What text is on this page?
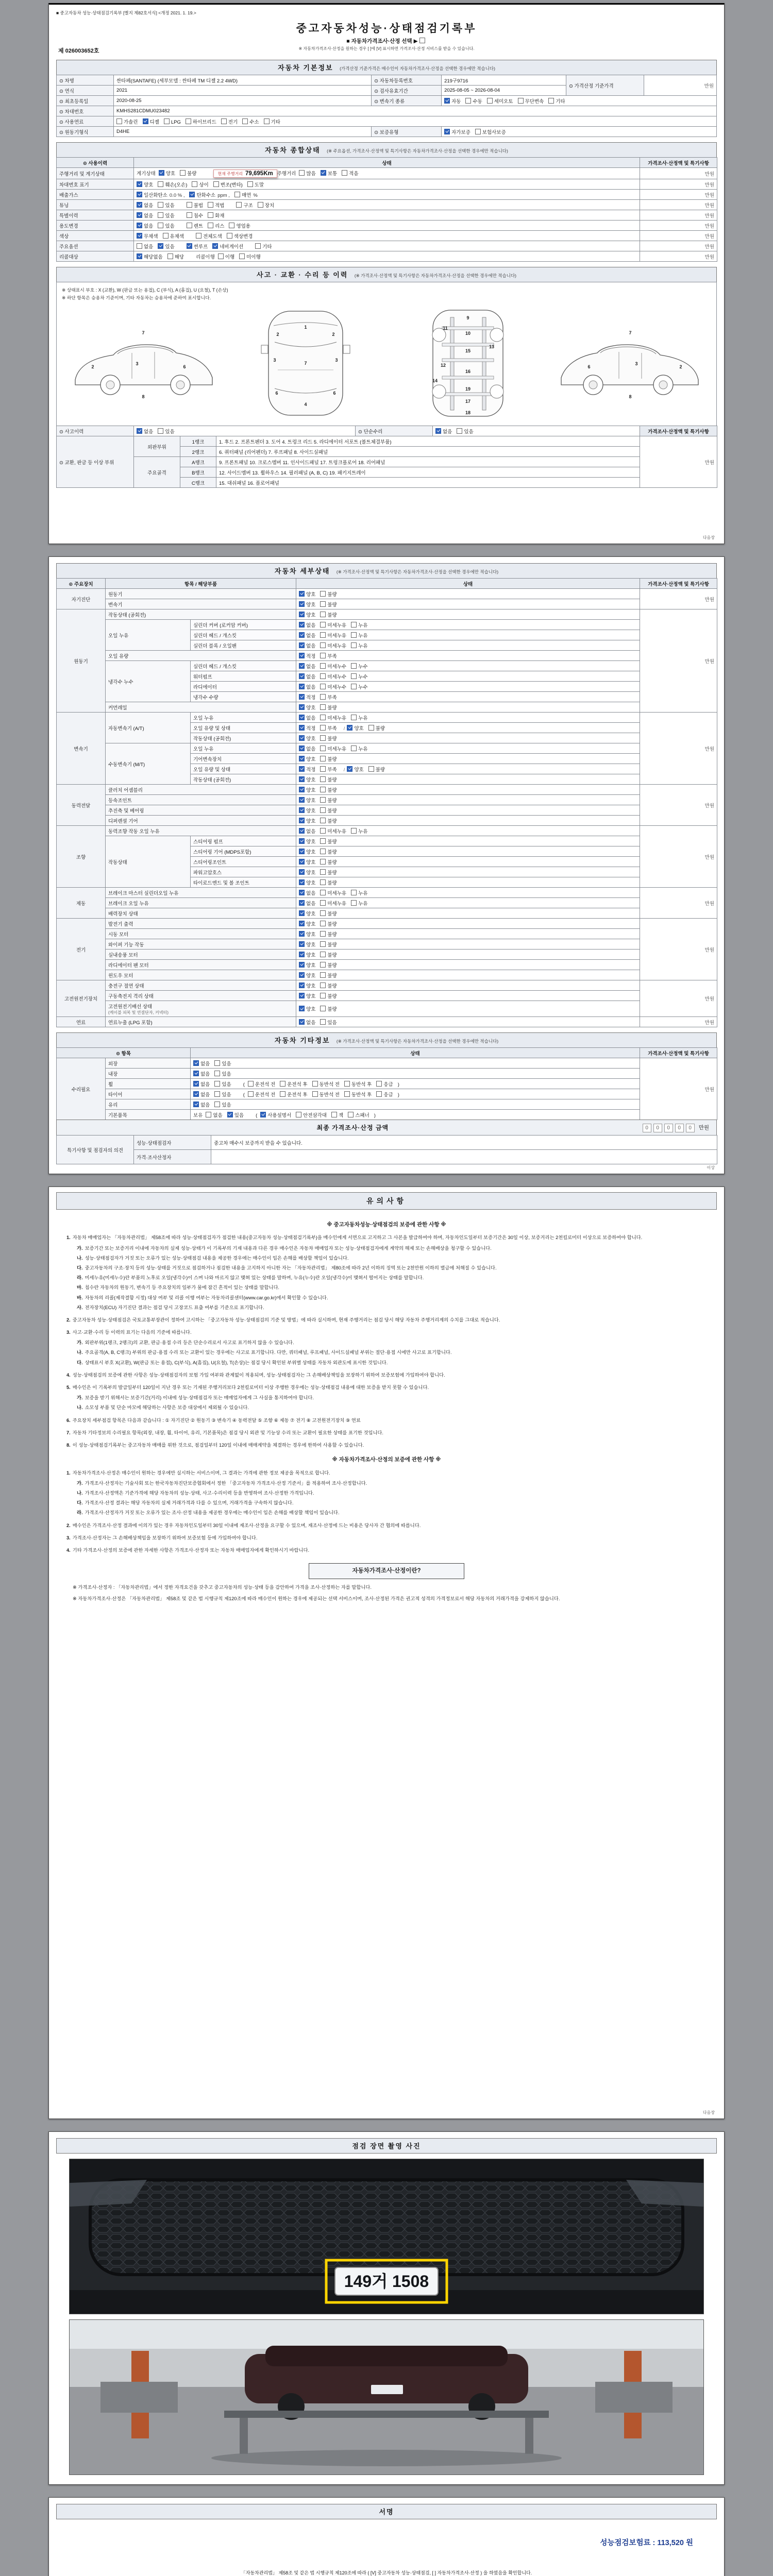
■ 중고자동차 성능·상태점검기록부 [별지 제82호서식] <개정 2021. 1. 19.>
중고자동차성능·상태점검기록부
■ 자동차가격조사·산정 선택 ▶
※ 자동차가격조사·산정을 원하는 경우 [ ]에 [V] 표시하면 가격조사·산정 서비스를 받을 수 있습니다.
제 026003652호
자동차 기본정보 (가격산정 기준가격은 매수인이 자동차가격조사·산정을 선택한 경우에만 적습니다)
⊙ 차명	싼타페(SANTAFE) (세부모델 : 싼타페 TM 디젤 2.2 4WD)	⊙ 자동차등록번호	219구9716	⊙ 가격산정 기준가격	만원
⊙ 연식	2021	⊙ 검사유효기간	2025-08-05 ~ 2026-08-04		
⊙ 최초등록일	2020-08-25	⊙ 변속기 종류	자동 수동 세미오토 무단변속 기타		
⊙ 차대번호	KMHS281CDMU023482				
⊙ 사용연료	가솔린 디젤 LPG 하이브리드 전기 수소 기타				
⊙ 원동기형식	D4HE	⊙ 보증유형	자가보증 보험사보증		
자동차 종합상태 (※ 주요옵션, 가격조사·산정액 및 특기사항은 자동차가격조사·산정을 선택한 경우에만 적습니다)
⊙ 사용이력	상태	가격조사·산정액 및 특기사항
주행거리 및 계기상태	계기상태 양호 불량 현재 주행거리 79,695Km 주행거리 많음 보통 적음	만원
차대번호 표기	양호 훼손(오손) 상이 변조(변타) 도말	만원
배출가스	일산화탄소 0.0 % , 탄화수소 ppm , 매연 %	만원
튜닝	없음 있음 불법 적법 구조 장치	만원
특별이력	없음 있음 침수 화재	만원
용도변경	없음 있음 렌트 리스 영업용	만원
색상	무채색 유채색 전체도색 색상변경	만원
주요옵션	없음 있음 썬루프 네비게이션 기타	만원
리콜대상	해당없음 해당 리콜이행 이행 미이행	만원
사고 · 교환 · 수리 등 이력 (※ 가격조사·산정액 및 특기사항은 자동차가격조사·산정을 선택한 경우에만 적습니다)
※ 상태표시 부호 : X (교환), W (판금 또는 용접), C (부식), A (흠집), U (요철), T (손상)
※ 하단 항목은 승용차 기준이며, 기타 자동차는 승용차에 준하여 표시합니다.
2
3
6
7
8
1
2	2
3	3
7
6	6
4
9
10
11
15
13
12
14
16
19
17
18
2
3
6
7
8
⊙ 사고이력	없음 있음	⊙ 단순수리	없음 있음	가격조사·산정액 및 특기사항
⊙ 교환, 판금 등 이상 부위	외판부위	1랭크	1. 후드 2. 프론트펜더 3. 도어 4. 트렁크 리드 5. 라디에이터 서포트 (볼트체결부품)	만원
		2랭크	6. 쿼터패널 (리어펜더) 7. 루프패널 8. 사이드실패널	
	주요골격	A랭크	9. 프론트패널 10. 크로스멤버 11. 인사이드패널 17. 트렁크플로어 18. 리어패널	
		B랭크	12. 사이드멤버 13. 휠하우스 14. 필러패널 (A, B, C) 19. 패키지트레이	
		C랭크	15. 대쉬패널 16. 플로어패널	
다음장
자동차 세부상태 (※ 가격조사·산정액 및 특기사항은 자동차가격조사·산정을 선택한 경우에만 적습니다)
⊙ 주요장치	항목 / 해당부품		상태	가격조사·산정액 및 특기사항
자기진단	원동기		양호 불량	만원
	변속기		양호 불량	
원동기	작동상태 (공회전)		양호 불량	만원
	오일 누유	실린더 커버 (로커암 커버)	없음 미세누유 누유	
		실린더 헤드 / 개스킷	없음 미세누유 누유	
		실린더 블록 / 오일팬	없음 미세누유 누유	
	오일 유량		적정 부족	
	냉각수 누수	실린더 헤드 / 개스킷	없음 미세누수 누수	
		워터펌프	없음 미세누수 누수	
		라디에이터	없음 미세누수 누수	
		냉각수 수량	적정 부족	
	커먼레일		양호 불량	
변속기	자동변속기 (A/T)	오일 누유	없음 미세누유 누유	만원
		오일 유량 및 상태	적정 부족 / 양호 불량	
		작동상태 (공회전)	양호 불량	
	수동변속기 (M/T)	오일 누유	없음 미세누유 누유	
		기어변속장치	양호 불량	
		오일 유량 및 상태	적정 부족 / 양호 불량	
		작동상태 (공회전)	양호 불량	
동력전달	클러치 어셈블리		양호 불량	만원
	등속조인트		양호 불량	
	추진축 및 베어링		양호 불량	
	디퍼렌셜 기어		양호 불량	
조향	동력조향 작동 오일 누유		없음 미세누유 누유	만원
	작동상태	스티어링 펌프	양호 불량	
		스티어링 기어 (MDPS포함)	양호 불량	
		스티어링조인트	양호 불량	
		파워고압호스	양호 불량	
		타이로드엔드 및 볼 조인트	양호 불량	
제동	브레이크 마스터 실린더오일 누유		없음 미세누유 누유	만원
	브레이크 오일 누유		없음 미세누유 누유	
	배력장치 상태		양호 불량	
전기	발전기 출력		양호 불량	만원
	시동 모터		양호 불량	
	와이퍼 기능 작동		양호 불량	
	실내송풍 모터		양호 불량	
	라디에이터 팬 모터		양호 불량	
	윈도우 모터		양호 불량	
고전원전기장치	충전구 절연 상태		양호 불량	만원
	구동축전지 격리 상태		양호 불량	
	고전원전기배선 상태
(케이블 피복 및 연결단자, 커넥터)		양호 불량	
연료	연료누출 (LPG 포함)		없음 있음	만원
자동차 기타정보 (※ 가격조사·산정액 및 특기사항은 자동차가격조사·산정을 선택한 경우에만 적습니다)
⊙ 항목		상태	가격조사·산정액 및 특기사항
수리필요	외장	없음 있음	만원
	내장	없음 있음	
	휠	없음 있음 ( 운전석 전 운전석 후 동반석 전 동반석 후 응급 )	
	타이어	없음 있음 ( 운전석 전 운전석 후 동반석 전 동반석 후 응급 )	
	유리	없음 있음	
	기본품목	보유 없음 있음 ( 사용설명서 안전삼각대 잭 스패너 )	
최종 가격조사·산정 금액	0 0 0 0 0	만원
특기사항 및 점검자의 의견	성능·상태점검자	중고차 매수시 보증까지 받을 수 있습니다.
	가격·조사산정자	
이상
유의사항
※ 중고자동차성능·상태점검의 보증에 관한 사항 ※
1. 자동차 매매업자는 「자동차관리법」 제58조에 따라 성능·상태점검자가 점검한 내용(중고자동차 성능·상태점검기록부)을 매수인에게 서면으로 고지하고 그 사본을 발급하여야 하며, 자동차인도일부터 보증기간은 30일 이상, 보증거리는 2천킬로미터 이상으로 보증하여야 합니다.
가. 보증기간 또는 보증거리 이내에 자동차의 실제 성능·상태가 이 기록부의 기재 내용과 다른 경우 매수인은 자동차 매매업자 또는 성능·상태점검자에게 계약의 해제 또는 손해배상을 청구할 수 있습니다.
나. 성능·상태점검자가 거짓 또는 오류가 있는 성능·상태점검 내용을 제공한 경우에는 매수인이 입은 손해를 배상할 책임이 있습니다.
다. 중고자동차의 구조·장치 등의 성능·상태를 거짓으로 점검하거나 점검한 내용을 고지하지 아니한 자는 「자동차관리법」 제80조에 따라 2년 이하의 징역 또는 2천만원 이하의 벌금에 처해질 수 있습니다.
라. 미세누유(미세누수)란 부품의 노후로 오일(냉각수)이 스며 나와 마르지 않고 맺혀 있는 상태를 말하며, 누유(누수)란 오일(냉각수)이 맺혀서 떨어지는 상태를 말합니다.
마. 침수란 자동차의 원동기, 변속기 등 주요장치의 일부가 물에 잠긴 흔적이 있는 상태를 말합니다.
바. 자동차의 리콜(제작결함 시정) 대상 여부 및 리콜 이행 여부는 자동차리콜센터(www.car.go.kr)에서 확인할 수 있습니다.
사. 전자장치(ECU) 자기진단 결과는 점검 당시 고장코드 표출 여부를 기준으로 표기합니다.
2. 중고자동차 성능·상태점검은 국토교통부장관이 정하여 고시하는 「중고자동차 성능·상태점검의 기준 및 방법」에 따라 실시하며, 현재 주행거리는 점검 당시 해당 자동차 주행거리계의 수치를 그대로 적습니다.
3. 사고·교환·수리 등 이력의 표기는 다음의 기준에 따릅니다.
가. 외판부위(1랭크, 2랭크)의 교환, 판금·용접 수리 등은 단순수리로서 사고로 표기하지 않을 수 있습니다.
나. 주요골격(A, B, C랭크) 부위의 판금·용접 수리 또는 교환이 있는 경우에는 사고로 표기합니다. 다만, 쿼터패널, 루프패널, 사이드실패널 부위는 절단·용접 시에만 사고로 표기합니다.
다. 상태표시 부호 X(교환), W(판금 또는 용접), C(부식), A(흠집), U(요철), T(손상)는 점검 당시 확인된 부위별 상태를 자동차 외관도에 표시한 것입니다.
4. 성능·상태점검의 보증에 관한 사항은 성능·상태점검자의 보험 가입 여부와 관계없이 적용되며, 성능·상태점검자는 그 손해배상책임을 보장하기 위하여 보증보험에 가입하여야 합니다.
5. 매수인은 이 기록부의 발급일부터 120일이 지난 경우 또는 기재된 주행거리보다 2천킬로미터 이상 주행한 경우에는 성능·상태점검 내용에 대한 보증을 받지 못할 수 있습니다.
가. 보증을 받기 위해서는 보증기간(거리) 이내에 성능·상태점검자 또는 매매업자에게 그 사실을 통지하여야 합니다.
나. 소모성 부품 및 단순 마모에 해당하는 사항은 보증 대상에서 제외될 수 있습니다.
6. 주요장치 세부점검 항목은 다음과 같습니다 : ① 자기진단 ② 원동기 ③ 변속기 ④ 동력전달 ⑤ 조향 ⑥ 제동 ⑦ 전기 ⑧ 고전원전기장치 ⑨ 연료
7. 자동차 기타정보의 수리필요 항목(외장, 내장, 휠, 타이어, 유리, 기본품목)은 점검 당시 외관 및 기능상 수리 또는 교환이 필요한 상태를 표기한 것입니다.
8. 이 성능·상태점검기록부는 중고자동차 매매를 위한 것으로, 점검일부터 120일 이내에 매매계약을 체결하는 경우에 한하여 사용할 수 있습니다.
※ 자동차가격조사·산정의 보증에 관한 사항 ※
1. 자동차가격조사·산정은 매수인이 원하는 경우에만 실시하는 서비스이며, 그 결과는 가격에 관한 정보 제공을 목적으로 합니다.
가. 가격조사·산정자는 기술사회 또는 한국자동차진단보증협회에서 정한 「중고자동차 가격조사·산정 기준서」를 적용하여 조사·산정합니다.
나. 가격조사·산정액은 기준가격에 해당 자동차의 성능·상태, 사고·수리이력 등을 반영하여 조사·산정한 가격입니다.
다. 가격조사·산정 결과는 해당 자동차의 실제 거래가격과 다를 수 있으며, 거래가격을 구속하지 않습니다.
라. 가격조사·산정자가 거짓 또는 오류가 있는 조사·산정 내용을 제공한 경우에는 매수인이 입은 손해를 배상할 책임이 있습니다.
2. 매수인은 가격조사·산정 결과에 이의가 있는 경우 자동차인도일부터 30일 이내에 재조사·산정을 요구할 수 있으며, 재조사·산정에 드는 비용은 당사자 간 협의에 따릅니다.
3. 가격조사·산정자는 그 손해배상책임을 보장하기 위하여 보증보험 등에 가입하여야 합니다.
4. 기타 가격조사·산정의 보증에 관한 자세한 사항은 가격조사·산정자 또는 자동차 매매업자에게 확인하시기 바랍니다.
자동차가격조사·산정이란?
※ 가격조사·산정자 : 「자동차관리법」에서 정한 자격요건을 갖추고 중고자동차의 성능·상태 등을 감안하여 가격을 조사·산정하는 자를 말합니다.
※ 자동차가격조사·산정은 「자동차관리법」 제58조 및 같은 법 시행규칙 제120조에 따라 매수인이 원하는 경우에 제공되는 선택 서비스이며, 조사·산정된 가격은 권고적 성격의 가격정보로서 해당 자동차의 거래가격을 강제하지 않습니다.
다음장
점검 장면 촬영 사진
149거 1508
서명
성능점검보험료 : 113,520 원
「자동차관리법」 제58조 및 같은 법 시행규칙 제120조에 따라 ( [V] 중고자동차 성능·상태점검, [ ] 자동차가격조사·산정 ) 을 하였음을 확인합니다.
